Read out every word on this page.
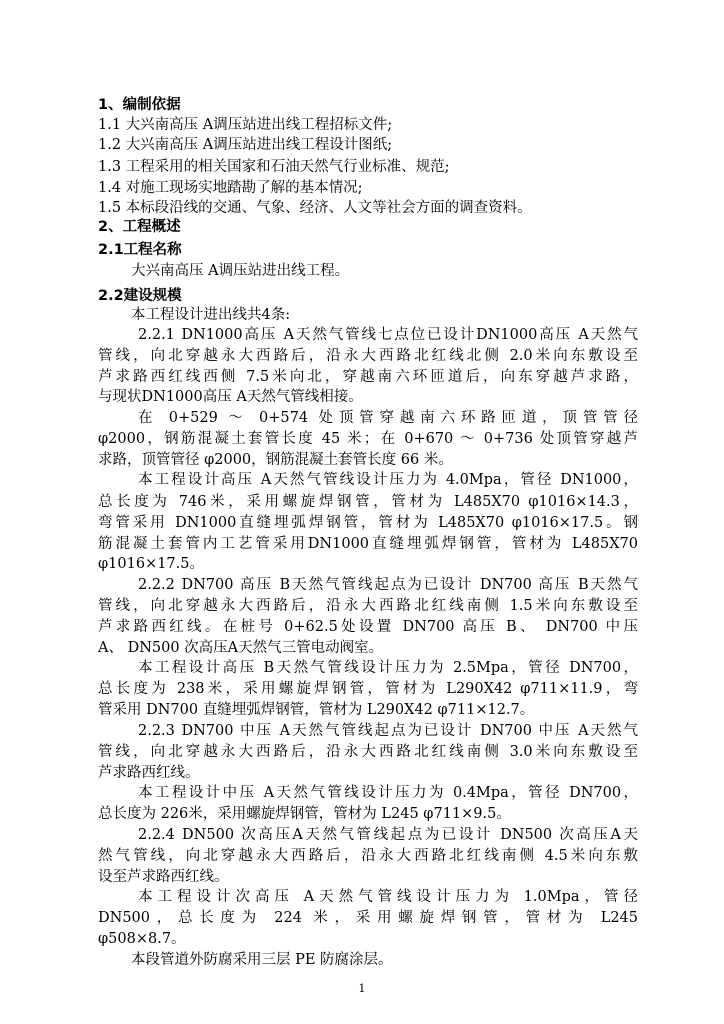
1、编制依据
1.1 大兴南高压 A调压站进出线工程招标文件;
1.2 大兴南高压 A调压站进出线工程设计图纸;
1.3 工程采用的相关国家和石油天然气行业标准、规范;
1.4 对施工现场实地踏勘了解的基本情况;
1.5 本标段沿线的交通、气象、经济、人文等社会方面的调查资料。
2、工程概述
2.1工程名称
大兴南高压 A调压站进出线工程。
2.2建设规模
本工程设计进出线共4条:
2.2.1 DN1000高压 A天然气管线七点位已设计DN1000高压 A天然气
管线，向北穿越永大西路后，沿永大西路北红线北侧 2.0米向东敷设至
芦求路西红线西侧 7.5米向北，穿越南六环匝道后，向东穿越芦求路，
与现状DN1000高压 A天然气管线相接。
在 0+529 ～ 0+574 处顶管穿越南六环路匝道，顶管管径
φ2000，钢筋混凝土套管长度 45 米；在 0+670 ～ 0+736 处顶管穿越芦
求路，顶管管径 φ2000，钢筋混凝土套管长度 66 米。
本工程设计高压 A天然气管线设计压力为 4.0Mpa，管径 DN1000，
总长度为 746米，采用螺旋焊钢管，管材为 L485X70 φ1016×14.3，
弯管采用 DN1000直缝埋弧焊钢管，管材为 L485X70 φ1016×17.5。钢
筋混凝土套管内工艺管采用DN1000直缝埋弧焊钢管，管材为 L485X70
φ1016×17.5。
2.2.2 DN700 高压 B天然气管线起点为已设计 DN700 高压 B天然气
管线，向北穿越永大西路后，沿永大西路北红线南侧 1.5米向东敷设至
芦求路西红线。在桩号 0+62.5处设置 DN700 高压 B、 DN700 中压
A、 DN500 次高压A天然气三管电动阀室。
本工程设计高压 B天然气管线设计压力为 2.5Mpa，管径 DN700，
总长度为 238米，采用螺旋焊钢管，管材为 L290X42 φ711×11.9，弯
管采用 DN700 直缝埋弧焊钢管，管材为 L290X42 φ711×12.7。
2.2.3 DN700 中压 A天然气管线起点为已设计 DN700 中压 A天然气
管线，向北穿越永大西路后，沿永大西路北红线南侧 3.0米向东敷设至
芦求路西红线。
本工程设计中压 A天然气管线设计压力为 0.4Mpa，管径 DN700，
总长度为 226米，采用螺旋焊钢管，管材为 L245 φ711×9.5。
2.2.4 DN500 次高压A天然气管线起点为已设计 DN500 次高压A天
然气管线，向北穿越永大西路后，沿永大西路北红线南侧 4.5米向东敷
设至芦求路西红线。
本工程设计次高压 A天然气管线设计压力为 1.0Mpa，管径
DN500，总长度为 224 米，采用螺旋焊钢管，管材为 L245
φ508×8.7。
本段管道外防腐采用三层 PE 防腐涂层。
1
